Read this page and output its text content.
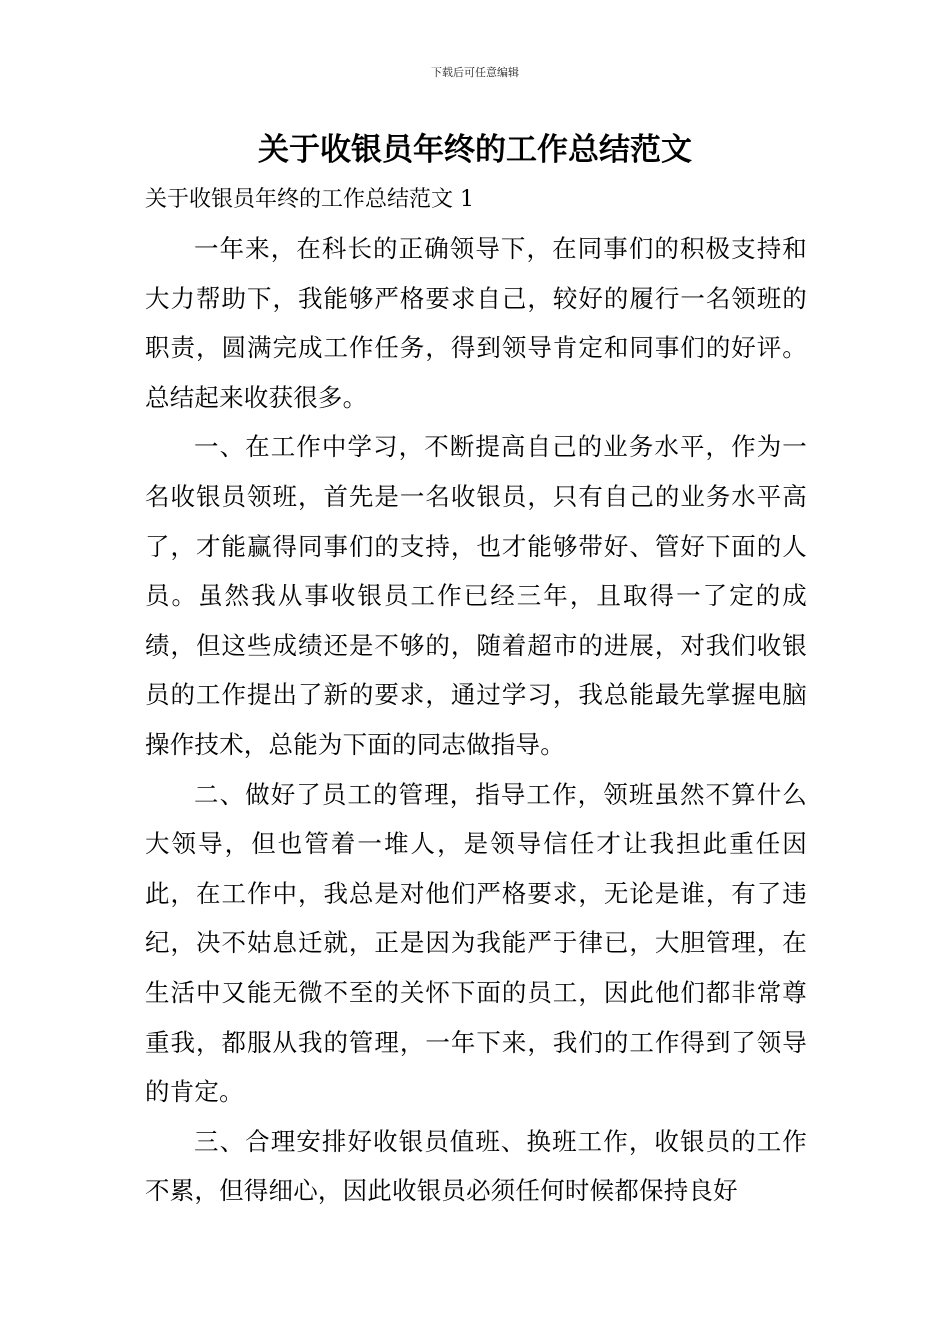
下载后可任意编辑
关于收银员年终的工作总结范文

关于收银员年终的工作总结范文 1

一年来，在科长的正确领导下，在同事们的积极支持和大力帮助下，我能够严格要求自己，较好的履行一名领班的职责，圆满完成工作任务，得到领导肯定和同事们的好评。总结起来收获很多。

一、在工作中学习，不断提高自己的业务水平，作为一名收银员领班，首先是一名收银员，只有自己的业务水平高了，才能赢得同事们的支持，也才能够带好、管好下面的人员。虽然我从事收银员工作已经三年，且取得一了定的成绩，但这些成绩还是不够的，随着超市的进展，对我们收银员的工作提出了新的要求，通过学习，我总能最先掌握电脑操作技术，总能为下面的同志做指导。

二、做好了员工的管理，指导工作，领班虽然不算什么大领导，但也管着一堆人，是领导信任才让我担此重任因此，在工作中，我总是对他们严格要求，无论是谁，有了违纪，决不姑息迁就，正是因为我能严于律已，大胆管理，在生活中又能无微不至的关怀下面的员工，因此他们都非常尊重我，都服从我的管理，一年下来，我们的工作得到了领导的肯定。

三、合理安排好收银员值班、换班工作，收银员的工作不累，但得细心，因此收银员必须任何时候都保持良好
